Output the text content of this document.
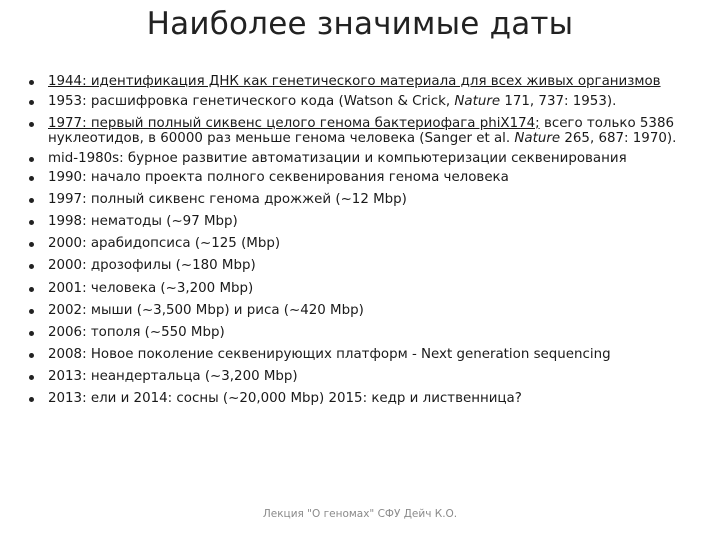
Наиболее значимые даты
1944: идентификация ДНК как генетического материала для всех живых организмов
1953: расшифровка генетического кода (Watson & Crick, Nature 171, 737: 1953).
1977: первый полный сиквенс целого генома бактериофага phiX174; всего только 5386 нуклеотидов, в 60000 раз меньше генома человека (Sanger et al. Nature 265, 687: 1970).
mid-1980s: бурное развитие автоматизации и компьютеризации секвенирования
1990: начало проекта полного секвенирования генома человека
1997: полный сиквенс генома дрожжей (~12 Mbp)
1998: нематоды (~97 Mbp)
2000: арабидопсиса (~125 (Mbp)
2000: дрозофилы (~180 Mbp)
2001: человека (~3,200 Mbp)
2002: мыши (~3,500 Mbp) и риса (~420 Mbp)
2006: тополя (~550 Mbp)
2008: Новое поколение секвенирующих платформ - Next generation sequencing
2013: неандертальца (~3,200 Mbp)
2013: ели и 2014: сосны (~20,000 Mbp) 2015: кедр и лиственница?
Лекция "О геномах" СФУ Дейч К.О.
